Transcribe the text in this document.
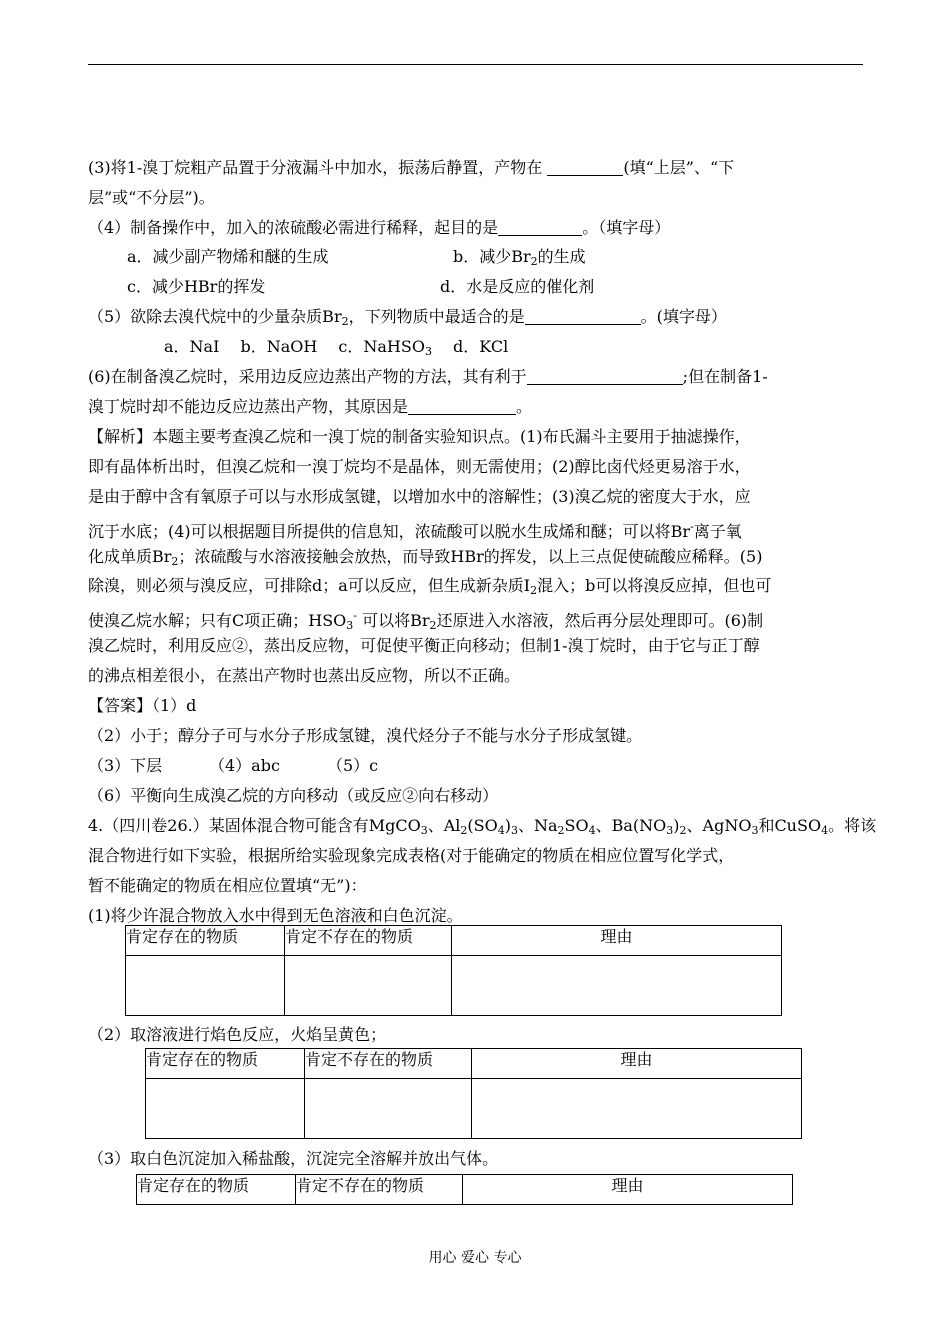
(3)将1-溴丁烷粗产品置于分液漏斗中加水，振荡后静置，产物在	(填“上层”、“下
层”或“不分层”)。
（4）制备操作中，加入的浓硫酸必需进行稀释，起目的是	。（填字母）
a．减少副产物烯和醚的生成	b．减少$Br_2$的生成
c．减少HBr的挥发	d．水是反应的催化剂
（5）欲除去溴代烷中的少量杂质$Br_2$，下列物质中最适合的是	。(填字母）
a．NaI　 b．NaOH　 c．NaHSO$_3$　 d．KCl
(6)在制备溴乙烷时，采用边反应边蒸出产物的方法，其有利于	;但在制备1-
溴丁烷时却不能边反应边蒸出产物，其原因是	。
【解析】本题主要考查溴乙烷和一溴丁烷的制备实验知识点。(1)布氏漏斗主要用于抽滤操作，
即有晶体析出时，但溴乙烷和一溴丁烷均不是晶体，则无需使用；(2)醇比卤代烃更易溶于水，
是由于醇中含有氧原子可以与水形成氢键，以增加水中的溶解性；(3)溴乙烷的密度大于水，应
沉于水底；(4)可以根据题目所提供的信息知，浓硫酸可以脱水生成烯和醚；可以将Br-离子氧
化成单质$Br_2$；浓硫酸与水溶液接触会放热，而导致HBr的挥发，以上三点促使硫酸应稀释。(5)
除溴，则必须与溴反应，可排除d；a可以反应，但生成新杂质$I_2$混入；b可以将溴反应掉，但也可
使溴乙烷水解；只有C项正确；$HSO_3^-$ 可以将$Br_2$还原进入水溶液，然后再分层处理即可。(6)制
溴乙烷时，利用反应②，蒸出反应物，可促使平衡正向移动；但制1-溴丁烷时，由于它与正丁醇
的沸点相差很小，在蒸出产物时也蒸出反应物，所以不正确。
【答案】（1）d
（2）小于；醇分子可与水分子形成氢键，溴代烃分子不能与水分子形成氢键。
（3）下层	（4）abc	（5）c
（6）平衡向生成溴乙烷的方向移动（或反应②向右移动）
4.（四川卷26.）某固体混合物可能含有MgCO$_3$、$Al_2(SO_4)_3$、$Na_2SO_4$、$Ba(NO_3)_2$、AgNO$_3$和CuSO$_4$。将该
混合物进行如下实验，根据所给实验现象完成表格(对于能确定的物质在相应位置写化学式，
暂不能确定的物质在相应位置填“无”)：
(1)将少许混合物放入水中得到无色溶液和白色沉淀。
肯定存在的物质	肯定不存在的物质	理由

（2）取溶液进行焰色反应，火焰呈黄色；
肯定存在的物质	肯定不存在的物质	理由

（3）取白色沉淀加入稀盐酸，沉淀完全溶解并放出气体。
肯定存在的物质	肯定不存在的物质	理由
用心 爱心 专心
